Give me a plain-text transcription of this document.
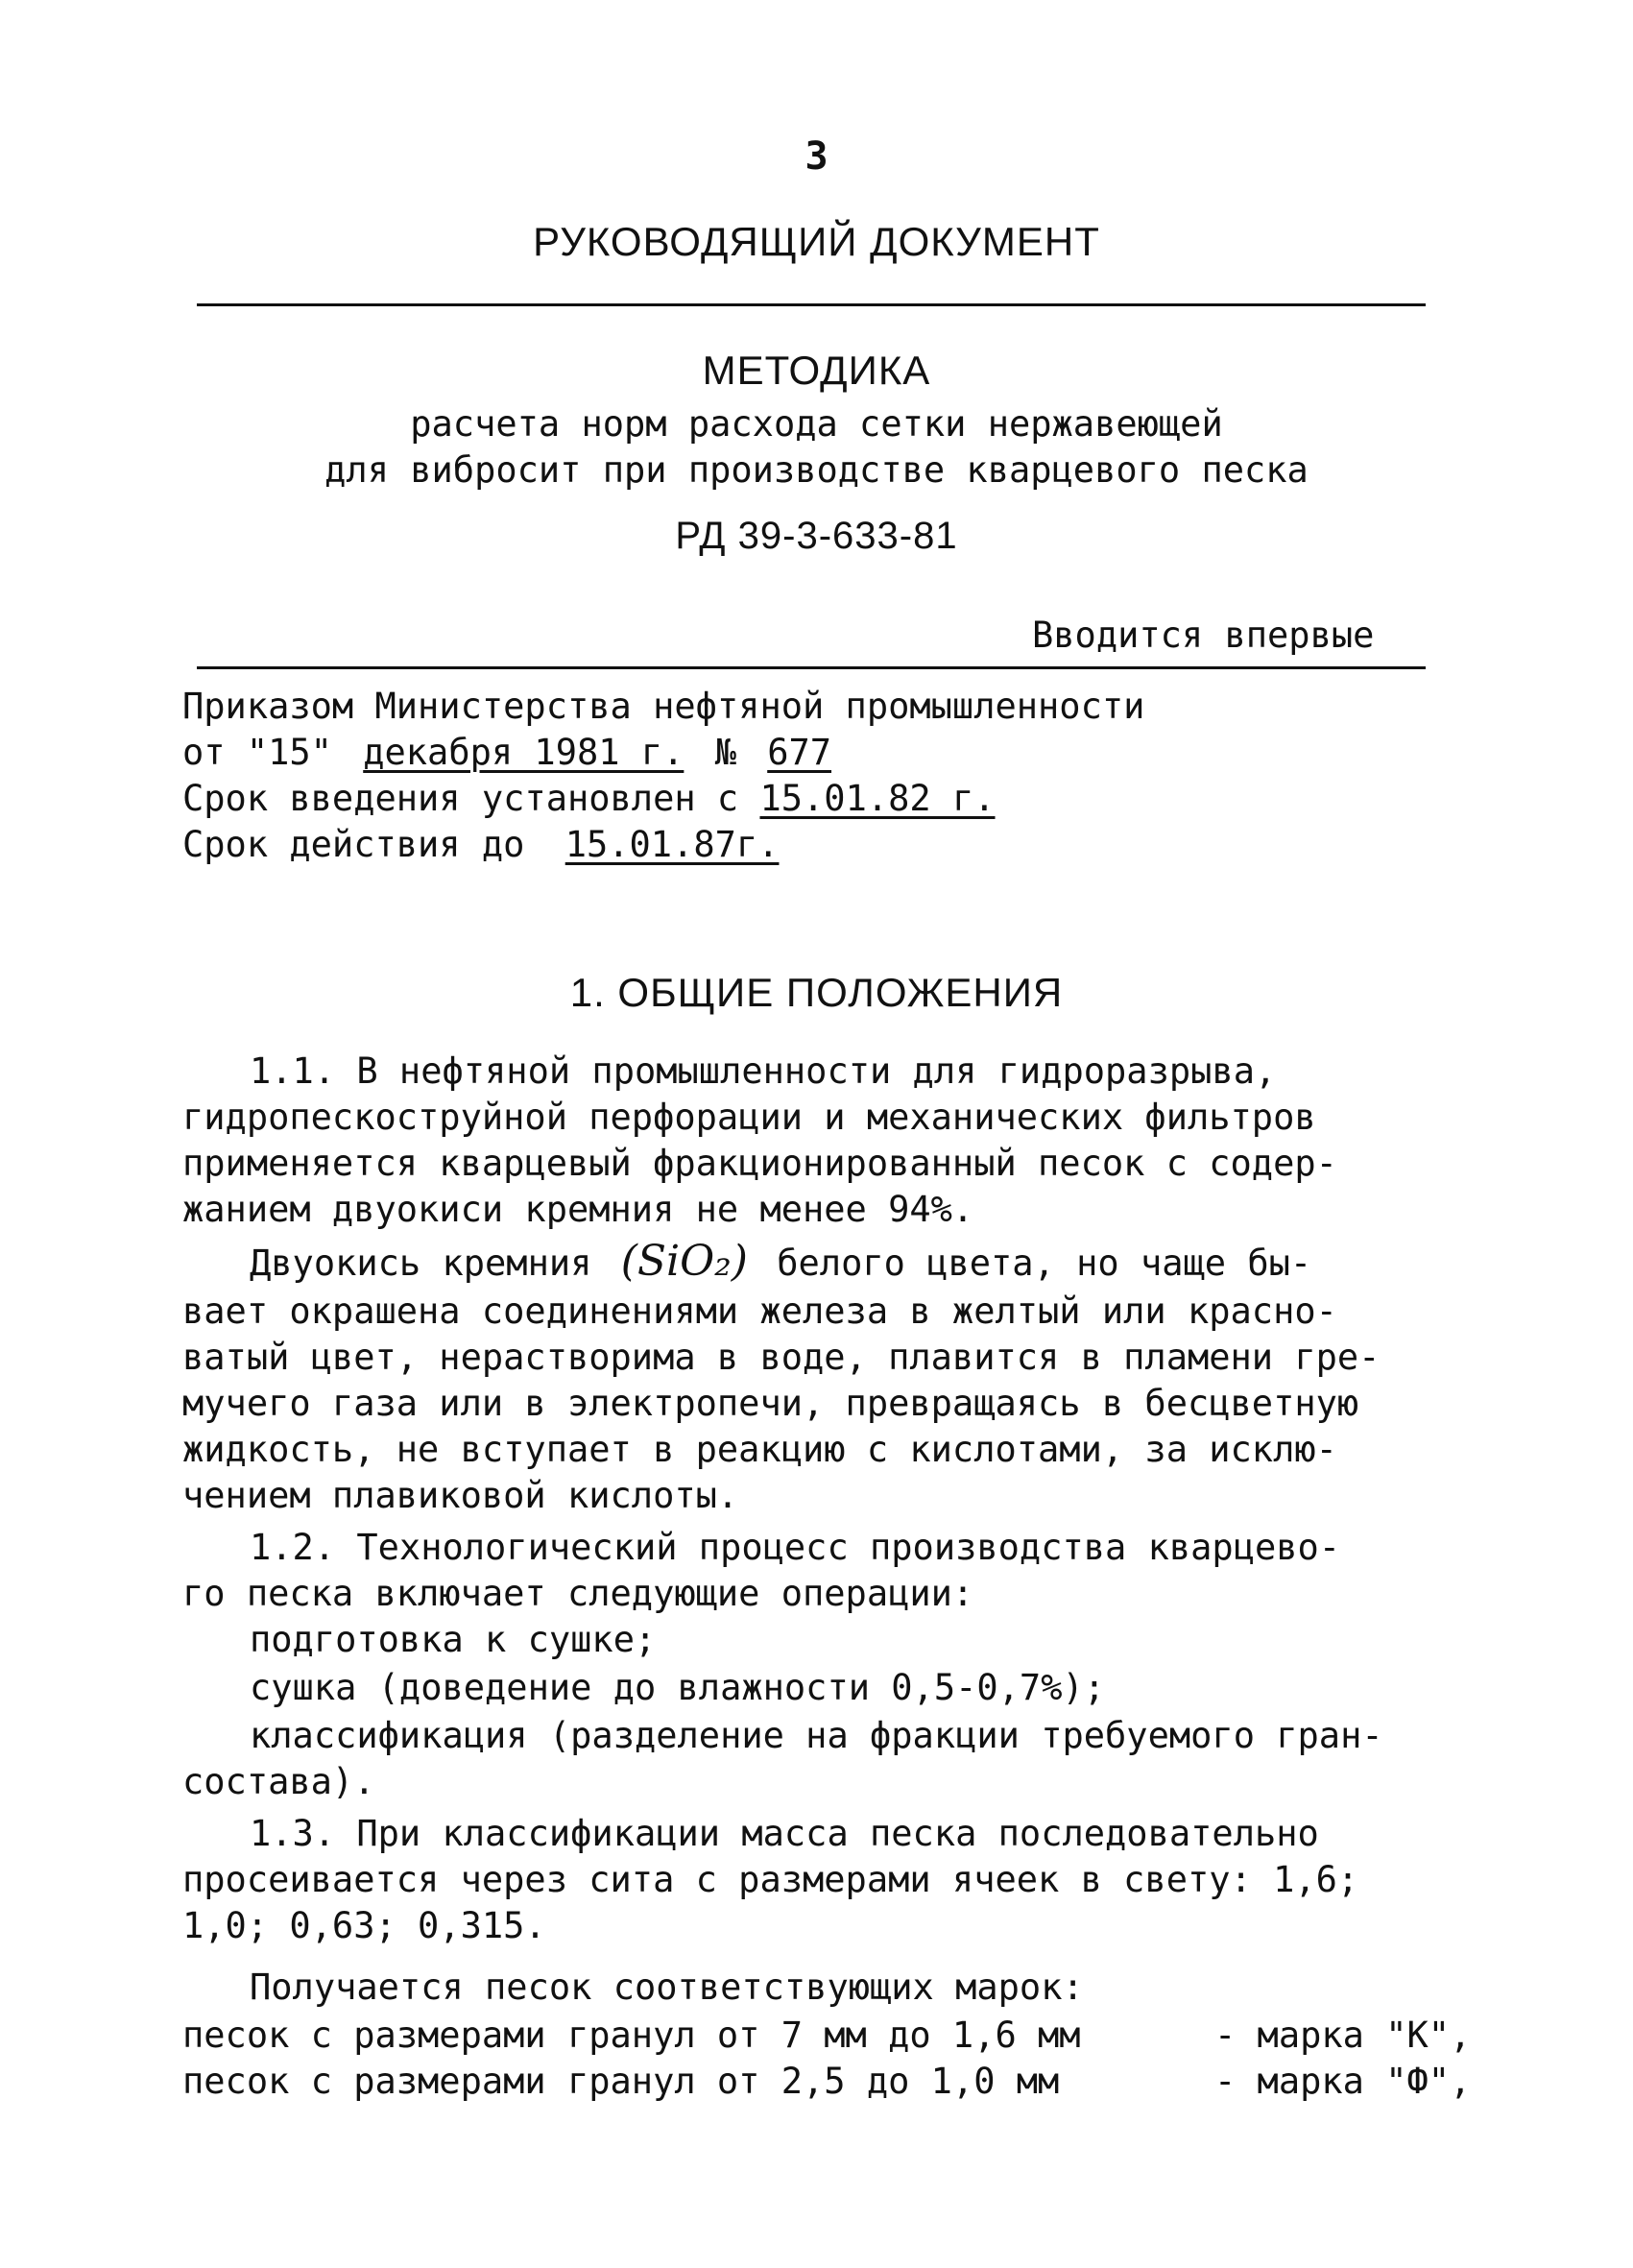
3
РУКОВОДЯЩИЙ ДОКУМЕНТ
МЕТОДИКА
расчета норм расхода сетки нержавеющей
для вибросит при производстве кварцевого песка
РД 39-3-633-81
Вводится впервые
Приказом Министерства нефтяной промышленности
от "15" декабря 1981 г. № 677
Срок введения установлен с 15.01.82 г.
Срок действия до 15.01.87г.
1. ОБЩИЕ ПОЛОЖЕНИЯ
1.1. В нефтяной промышленности для гидроразрыва,
гидропескоструйной перфорации и механических фильтров
применяется кварцевый фракционированный песок с содер-
жанием двуокиси кремния не менее 94%.
Двуокись кремния (SiO₂) белого цвета, но чаще бы-
вает окрашена соединениями железа в желтый или красно-
ватый цвет, нерастворима в воде, плавится в пламени гре-
мучего газа или в электропечи, превращаясь в бесцветную
жидкость, не вступает в реакцию с кислотами, за исклю-
чением плавиковой кислоты.
1.2. Технологический процесс производства кварцево-
го песка включает следующие операции:
подготовка к сушке;
сушка (доведение до влажности 0,5-0,7%);
классификация (разделение на фракции требуемого гран-
состава).
1.3. При классификации масса песка последовательно
просеивается через сита с размерами ячеек в свету: 1,6;
1,0; 0,63; 0,315.
Получается песок соответствующих марок:
песок с размерами гранул от 7 мм до 1,6 мм	- марка "К",
песок с размерами гранул от 2,5 до 1,0 мм	- марка "Ф",
